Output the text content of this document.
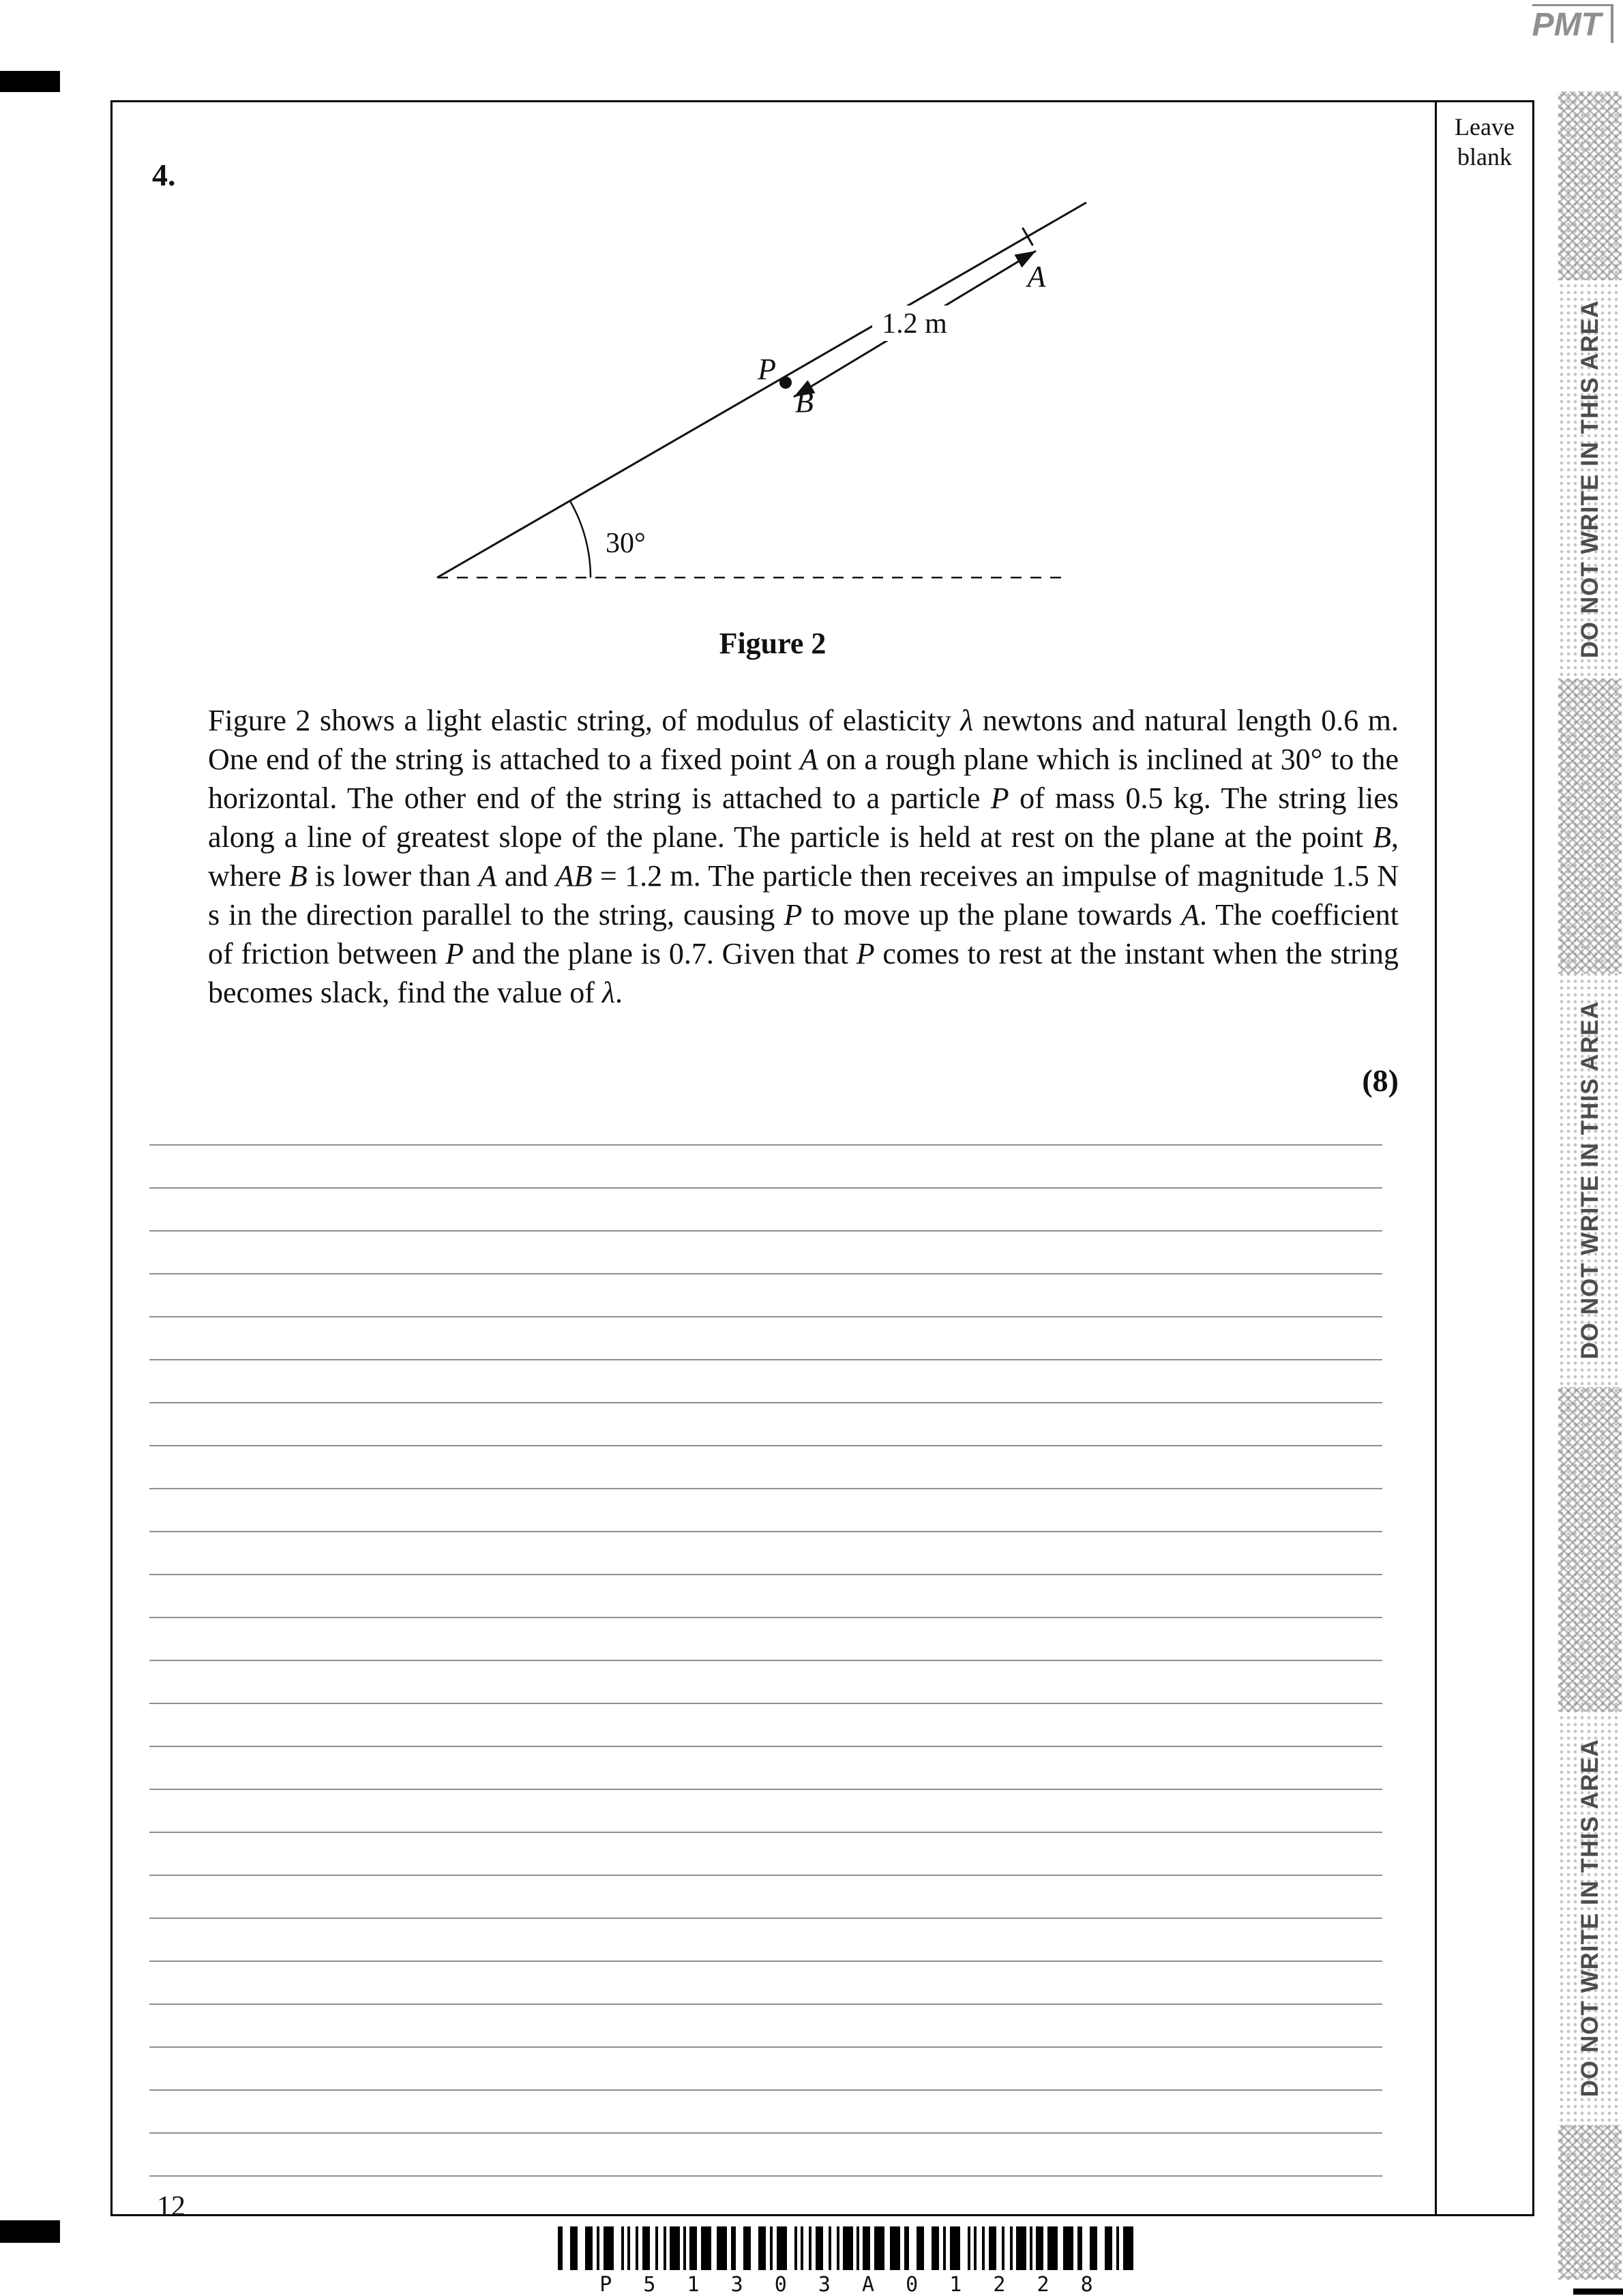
PMT
Leave blank
4.
30°
1.2 m
P
B
A
Figure 2
Figure 2 shows a light elastic string, of modulus of elasticity λ newtons and natural length 0.6 m. One end of the string is attached to a fixed point A on a rough plane which is inclined at 30° to the horizontal. The other end of the string is attached to a particle P of mass 0.5 kg. The string lies along a line of greatest slope of the plane. The particle is held at rest on the plane at the point B, where B is lower than A and AB = 1.2 m. The particle then receives an impulse of magnitude 1.5 N s in the direction parallel to the string, causing P to move up the plane towards A. The coefficient of friction between P and the plane is 0.7. Given that P comes to rest at the instant when the string becomes slack, find the value of λ.
(8)
12
P 5 1 3 0 3 A 0 1 2 2 8
DO NOT WRITE IN THIS AREA
DO NOT WRITE IN THIS AREA
DO NOT WRITE IN THIS AREA
